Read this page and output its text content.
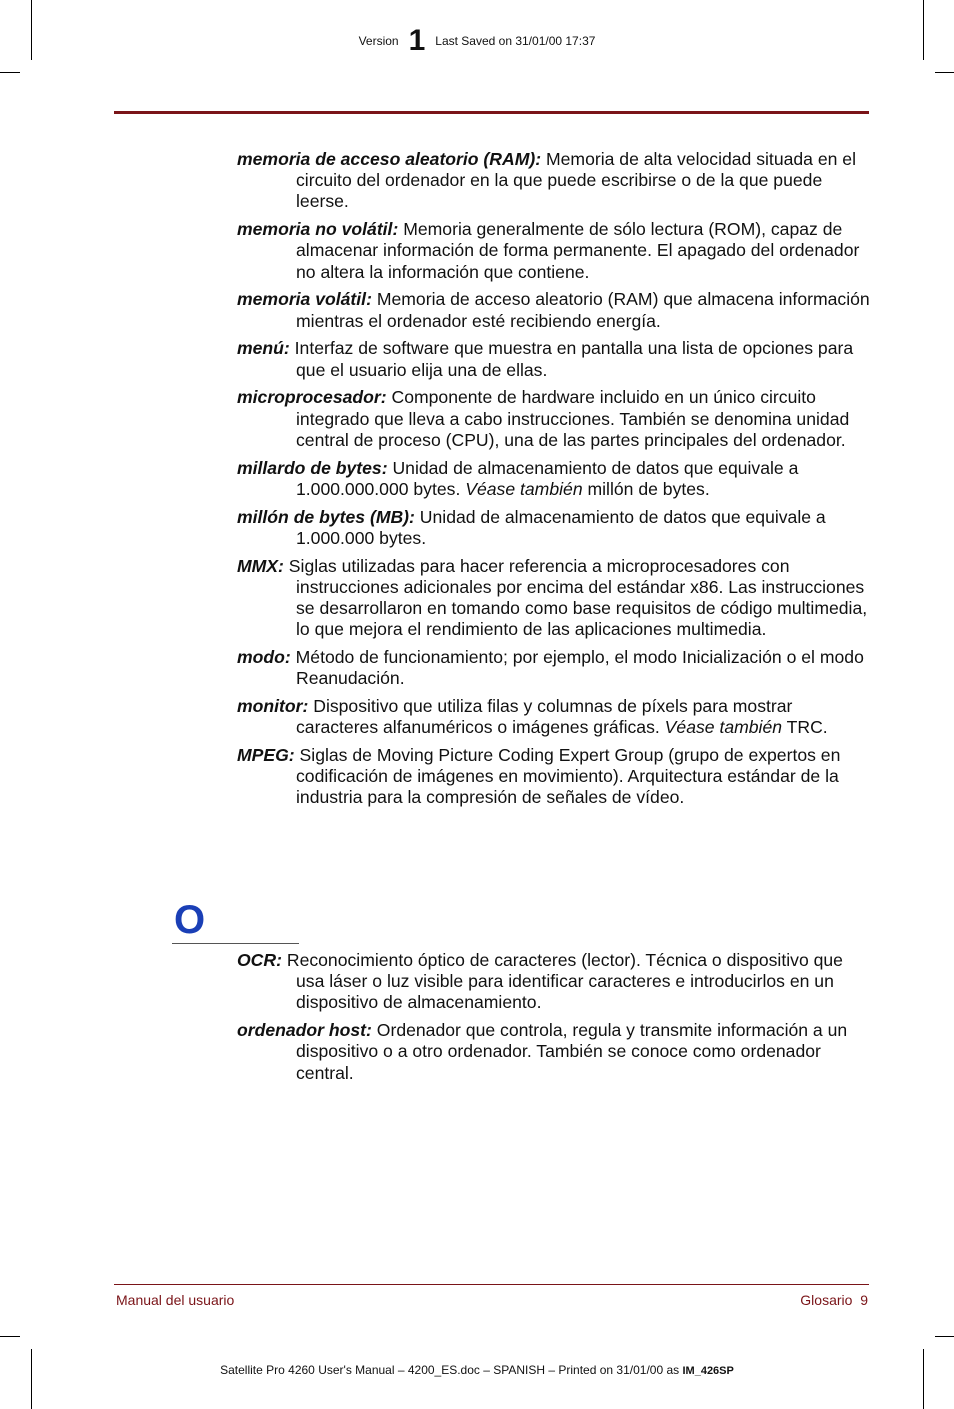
Version 1 Last Saved on 31/01/00 17:37

memoria de acceso aleatorio (RAM): Memoria de alta velocidad situada en el circuito del ordenador en la que puede escribirse o de la que puede leerse.

memoria no volátil: Memoria generalmente de sólo lectura (ROM), capaz de almacenar información de forma permanente. El apagado del ordenador no altera la información que contiene.

memoria volátil: Memoria de acceso aleatorio (RAM) que almacena información mientras el ordenador esté recibiendo energía.

menú: Interfaz de software que muestra en pantalla una lista de opciones para que el usuario elija una de ellas.

microprocesador: Componente de hardware incluido en un único circuito integrado que lleva a cabo instrucciones. También se denomina unidad central de proceso (CPU), una de las partes principales del ordenador.

millardo de bytes: Unidad de almacenamiento de datos que equivale a 1.000.000.000 bytes. Véase también millón de bytes.

millón de bytes (MB): Unidad de almacenamiento de datos que equivale a 1.000.000 bytes.

MMX: Siglas utilizadas para hacer referencia a microprocesadores con instrucciones adicionales por encima del estándar x86. Las instrucciones se desarrollaron en tomando como base requisitos de código multimedia, lo que mejora el rendimiento de las aplicaciones multimedia.

modo: Método de funcionamiento; por ejemplo, el modo Inicialización o el modo Reanudación.

monitor: Dispositivo que utiliza filas y columnas de píxels para mostrar caracteres alfanuméricos o imágenes gráficas. Véase también TRC.

MPEG: Siglas de Moving Picture Coding Expert Group (grupo de expertos en codificación de imágenes en movimiento). Arquitectura estándar de la industria para la compresión de señales de vídeo.

O

OCR: Reconocimiento óptico de caracteres (lector). Técnica o dispositivo que usa láser o luz visible para identificar caracteres e introducirlos en un dispositivo de almacenamiento.

ordenador host: Ordenador que controla, regula y transmite información a un dispositivo o a otro ordenador. También se conoce como ordenador central.

Manual del usuario	Glosario  9
Satellite Pro 4260 User's Manual – 4200_ES.doc – SPANISH – Printed on 31/01/00 as IM_426SP
